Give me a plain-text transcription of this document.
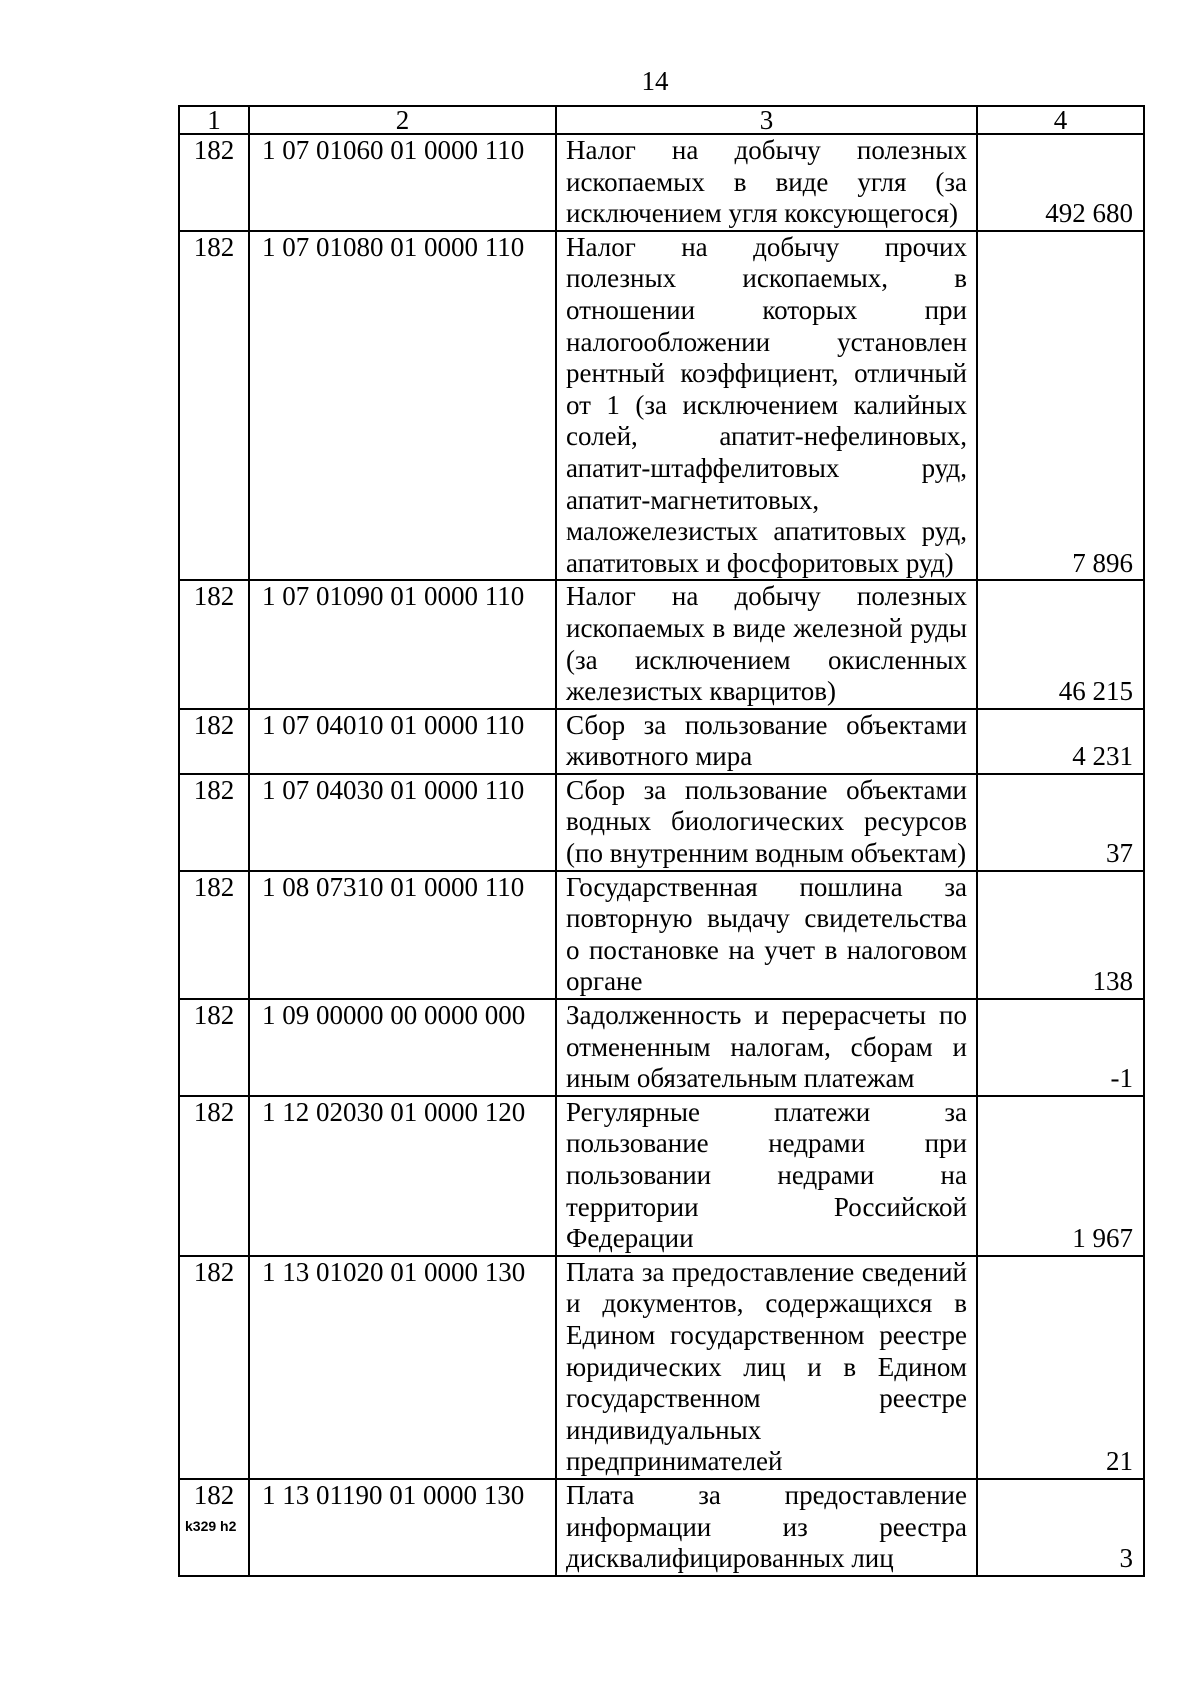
14
1	2	3	4
182	1 07 01060 01 0000 110	Налог на добычу полезных ископаемых в виде угля (за исключением угля коксующегося)	492 680
182	1 07 01080 01 0000 110	Налог на добычу прочих полезных ископаемых, в отношении которых при налогообложении установлен рентный коэффициент, отличный от 1 (за исключением калийных солей, апатит-нефелиновых, апатит-штаффелитовых руд, апатит-магнетитовых, маложелезистых апатитовых руд, апатитовых и фосфоритовых руд)	7 896
182	1 07 01090 01 0000 110	Налог на добычу полезных ископаемых в виде железной руды (за исключением окисленных железистых кварцитов)	46 215
182	1 07 04010 01 0000 110	Сбор за пользование объектами животного мира	4 231
182	1 07 04030 01 0000 110	Сбор за пользование объектами водных биологических ресурсов (по внутренним водным объектам)	37
182	1 08 07310 01 0000 110	Государственная пошлина за повторную выдачу свидетельства о постановке на учет в налоговом органе	138
182	1 09 00000 00 0000 000	Задолженность и перерасчеты по отмененным налогам, сборам и иным обязательным платежам	-1
182	1 12 02030 01 0000 120	Регулярные платежи за пользование недрами при пользовании недрами на территории Российской Федерации	1 967
182	1 13 01020 01 0000 130	Плата за предоставление сведений и документов, содержащихся в Едином государственном реестре юридических лиц и в Едином государственном реестре индивидуальных предпринимателей	21
182	1 13 01190 01 0000 130	Плата за предоставление информации из реестра дисквалифицированных лиц	3
k329 h2
